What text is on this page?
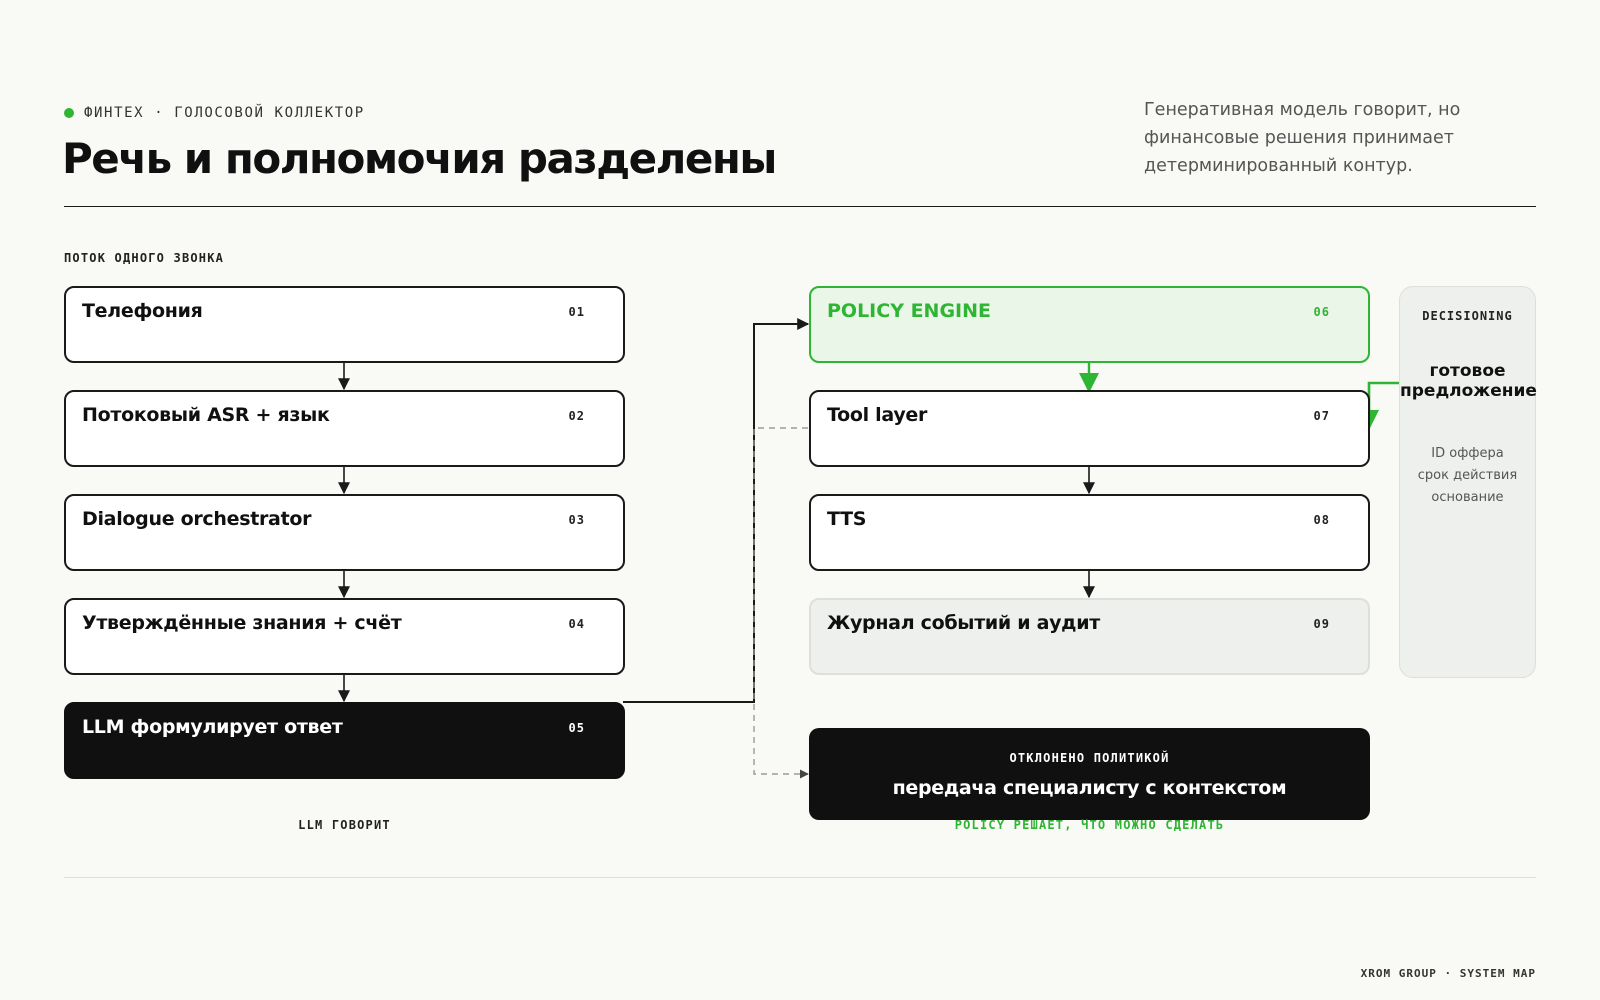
ФИНТЕХ · ГОЛОСОВОЙ КОЛЛЕКТОР
Речь и полномочия разделены
Генеративная модель говорит, но финансовые решения принимает детерминированный контур.
ПОТОК ОДНОГО ЗВОНКА
Телефония	01
Потоковый ASR + язык	02
Dialogue orchestrator	03
Утверждённые знания + счёт	04
LLM формулирует ответ	05
POLICY ENGINE	06
Tool layer	07
TTS	08
Журнал событий и аудит	09
ОТКЛОНЕНО ПОЛИТИКОЙ
передача специалисту с контекстом
DECISIONING
готовое
предложение
ID оффера
срок действия
основание
LLM ГОВОРИТ	POLICY РЕШАЕТ, ЧТО МОЖНО СДЕЛАТЬ
XROM GROUP · SYSTEM MAP
